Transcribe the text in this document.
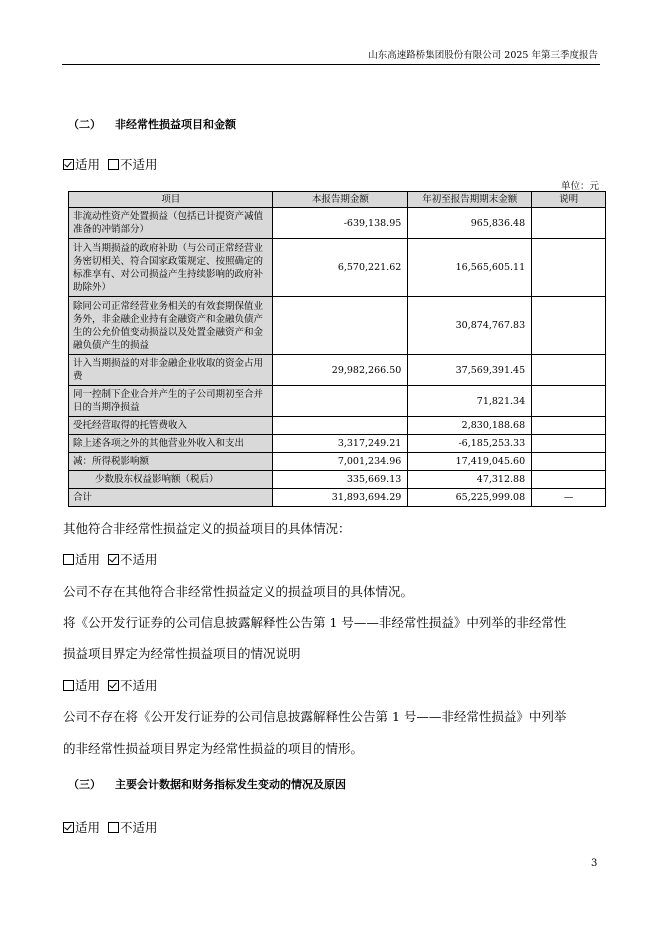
山东高速路桥集团股份有限公司 2025 年第三季度报告
（二） 非经常性损益项目和金额
适用 不适用
单位：元
项目	本报告期金额	年初至报告期期末金额	说明
非流动性资产处置损益（包括已计提资产减值准备的冲销部分）	-639,138.95	965,836.48	
计入当期损益的政府补助（与公司正常经营业务密切相关、符合国家政策规定、按照确定的标准享有、对公司损益产生持续影响的政府补助除外）	6,570,221.62	16,565,605.11	
除同公司正常经营业务相关的有效套期保值业务外，非金融企业持有金融资产和金融负债产生的公允价值变动损益以及处置金融资产和金融负债产生的损益		30,874,767.83	
计入当期损益的对非金融企业收取的资金占用费	29,982,266.50	37,569,391.45	
同一控制下企业合并产生的子公司期初至合并日的当期净损益		71,821.34	
受托经营取得的托管费收入		2,830,188.68	
除上述各项之外的其他营业外收入和支出	3,317,249.21	-6,185,253.33	
减：所得税影响额	7,001,234.96	17,419,045.60	
少数股东权益影响额（税后）	335,669.13	47,312.88	
合计	31,893,694.29	65,225,999.08	—
其他符合非经常性损益定义的损益项目的具体情况：
适用 不适用
公司不存在其他符合非经常性损益定义的损益项目的具体情况。
将《公开发行证券的公司信息披露解释性公告第 1 号——非经常性损益》中列举的非经常性
损益项目界定为经常性损益项目的情况说明
适用 不适用
公司不存在将《公开发行证券的公司信息披露解释性公告第 1 号——非经常性损益》中列举
的非经常性损益项目界定为经常性损益的项目的情形。
（三） 主要会计数据和财务指标发生变动的情况及原因
适用 不适用
3
